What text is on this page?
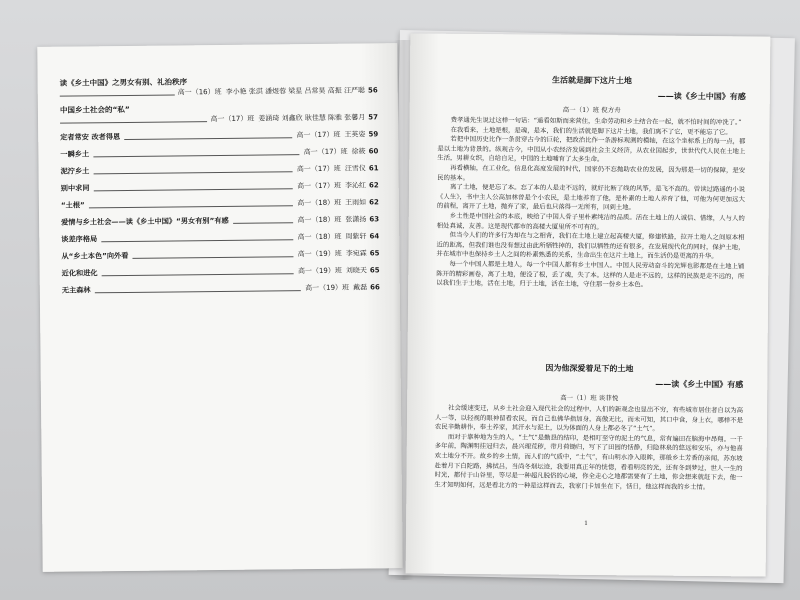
读《乡土中国》之男女有别、礼治秩序
高一（16）班 李小艳 张淇 潘煜蓉 梁星 吕常昊 高振 汪严聪 56
中国乡土社会的“私”
高一（17）班 姜涵琦 刘鑫欣 耿佳慧 陈雅 张馨月 57
定者常安 改者得恩	高一（17）班 王英姿 59
一瞬乡土	高一（17）班 徐筱 60
泥泞乡土	高一（17）班 汪雪仪 61
别中求同	高一（17）班 李沁红 62
“土根”	高一（18）班 王雨如 62
爱情与乡土社会——读《乡土中国》“男女有别”有感	高一（18）班 张潇扬 63
谈差序格局	高一（18）班 周紫轩 64
从“乡土本色”向外看	高一（19）班 李宛霖 65
近化和进化	高一（19）班 刘晓天 65
无主森林	高一（19）班 戴磊 66
生活就是脚下这片土地
——读《乡土中国》有感
高一（1）班 倪方舟

费孝通先生说过这样一句话：“遥看如斯而来营住，生命劳动和乡土结合在一起，就不怕时间的冲洗了。”

在我看来，土地是根，是魂，是本，我们的生活就是脚下这片土地，我们离不了它，更不能忘了它。

若把中国历史比作一条贯穿古今的巨轮，把政治比作一条游标观测的模轴，在这个坐标系上的每一点，都是以土地为背景的。纵观古今，中国从小农经济发展到社会主义经济，从农业国起步，世世代代人民在土地上生活，男耕女织，自给自足，中国的土地哺育了太多生命。

再看横轴，在工业化，信息化高度发展的时代，国家仍不忘抛助农业的发展，因为那是一切的保障，是安民的基本。

离了土地，便是忘了本。忘了本的人是走不远的，就好比断了线的风筝，是飞不高的。曾读过路遥的小说《人生》，书中主人公高加林曾是个小农民，是土地养育了他，是朴素的土地人养育了他，可他为何更加远大的前程，离开了土地，抛弃了家，最后也只落得一无所有，回到土地。

乡土性是中国社会的本底，映给了中国人骨子里朴素纯洁的品质。活在土地上的人诚信、惜缘，人与人的相处真诚，友善。这是现代都市的高楼大厦里所不可有的。

但当今人们的许多行为却在与之相背，我们在土地上建立起高楼大厦，修建铁路，拉开土地人之间原本相近的距离，但我们谁也没有想过由此所牺牲掉的，我们以牺牲的还有很多，在发展现代化的同时，保护土地，并在城市中也保持乡土人之间的朴素熟悉的关系，生命出生在这片土地上，而生活仍是更离的升华。

每一个中国人都是土地人，每一个中国人都有乡土中国人。中国人民劳动奋斗的光辉也影都是在土地上铺陈开的精彩画卷，离了土地，便没了根，丢了魂，失了本。这样的人是走不远的，这样的民族是走不远的，所以我们生于土地，活在土地，归于土地，活在土地，守住那一份乡土本色。

因为他深爱着足下的土地
——读《乡土中国》有感
高一（1）班 谈菲悦

社会缓速变迁，从乡土社会迎入现代社会的过程中，人们的新观念也显出不穷，有些城市居住者自以为高人一等，以轻视的眼神留看农民，而自己也佛华指加身，高傲无比，而未可知，其口中食，身上衣，哪样不是农民辛勤耕作，奉土养家，其汗水与泥土，以为体面的人身上都必冬了“土气”。

而对于靠种地为生的人，“土气”是勤恳的结印，是相叮至守的泥土的气息，常有遍田在脑海中昂翔。一千多年前，陶渊明挂冠归去，晨兴理荒秽，带月荷锄归，写下了田园的恬静，归隐林泉的悠远和安乐，亦与他喜欢土地分不开。故乡的乡土情，而人们的气质中，“土气”，有山明水净入眼眸，那般乡土芳香的亲闻，苏东坡赴着月下白陀路，拂拭吕，当尚冬烟坛迹，我要用真正年的恍惚，看看明亮的光，还有冬到梦过，世人一生的时光，都付于山谷里，等尽是一种超凡脱俗的心境，你全走心之地都需要有了土地，你会想来就赶下去，他一生才知明如何，远是看北方的一种是这样而去，我家门卡加坐在下，恬日，他这样而我的乡土情。

1
